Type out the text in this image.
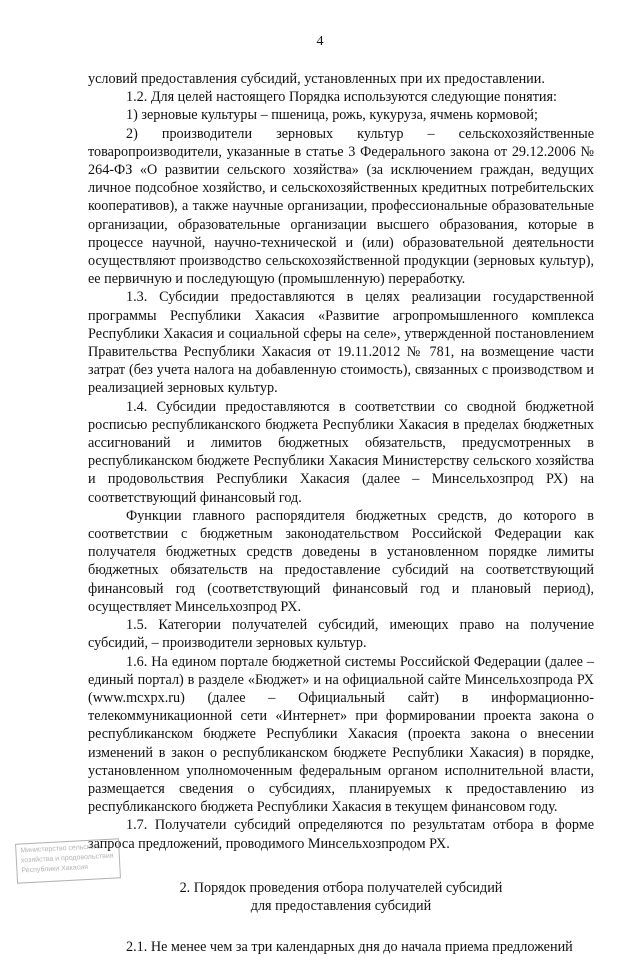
4

условий предоставления субсидий, установленных при их предоставлении.

1.2. Для целей настоящего Порядка используются следующие понятия:

1) зерновые культуры – пшеница, рожь, кукуруза, ячмень кормовой;

2) производители зерновых культур – сельскохозяйственные товаропроизводители, указанные в статье 3 Федерального закона от 29.12.2006 № 264-ФЗ «О развитии сельского хозяйства» (за исключением граждан, ведущих личное подсобное хозяйство, и сельскохозяйственных кредитных потребительских кооперативов), а также научные организации, профессиональные образовательные организации, образовательные организации высшего образования, которые в процессе научной, научно-технической и (или) образовательной деятельности осуществляют производство сельскохозяйственной продукции (зерновых культур), ее первичную и последующую (промышленную) переработку.

1.3. Субсидии предоставляются в целях реализации государственной программы Республики Хакасия «Развитие агропромышленного комплекса Республики Хакасия и социальной сферы на селе», утвержденной постановлением Правительства Республики Хакасия от 19.11.2012 № 781, на возмещение части затрат (без учета налога на добавленную стоимость), связанных с производством и реализацией зерновых культур.

1.4. Субсидии предоставляются в соответствии со сводной бюджетной росписью республиканского бюджета Республики Хакасия в пределах бюджетных ассигнований и лимитов бюджетных обязательств, предусмотренных в республиканском бюджете Республики Хакасия Министерству сельского хозяйства и продовольствия Республики Хакасия (далее – Минсельхозпрод РХ) на соответствующий финансовый год.

Функции главного распорядителя бюджетных средств, до которого в соответствии с бюджетным законодательством Российской Федерации как получателя бюджетных средств доведены в установленном порядке лимиты бюджетных обязательств на предоставление субсидий на соответствующий финансовый год (соответствующий финансовый год и плановый период), осуществляет Минсельхозпрод РХ.

1.5. Категории получателей субсидий, имеющих право на получение субсидий, – производители зерновых культур.

1.6. На едином портале бюджетной системы Российской Федерации (далее – единый портал) в разделе «Бюджет» и на официальной сайте Минсельхозпрода РХ (www.mcxpx.ru) (далее – Официальный сайт) в информационно-телекоммуникационной сети «Интернет» при формировании проекта закона о республиканском бюджете Республики Хакасия (проекта закона о внесении изменений в закон о республиканском бюджете Республики Хакасия) в порядке, установленном уполномоченным федеральным органом исполнительной власти, размещается сведения о субсидиях, планируемых к предоставлению из республиканского бюджета Республики Хакасия в текущем финансовом году.

1.7. Получатели субсидий определяются по результатам отбора в форме запроса предложений, проводимого Минсельхозпродом РХ.

2. Порядок проведения отбора получателей субсидий

для предоставления субсидий

2.1. Не менее чем за три календарных дня до начала приема предложений

Министерство сельского
хозяйства и продовольствия
Республики Хакасия
